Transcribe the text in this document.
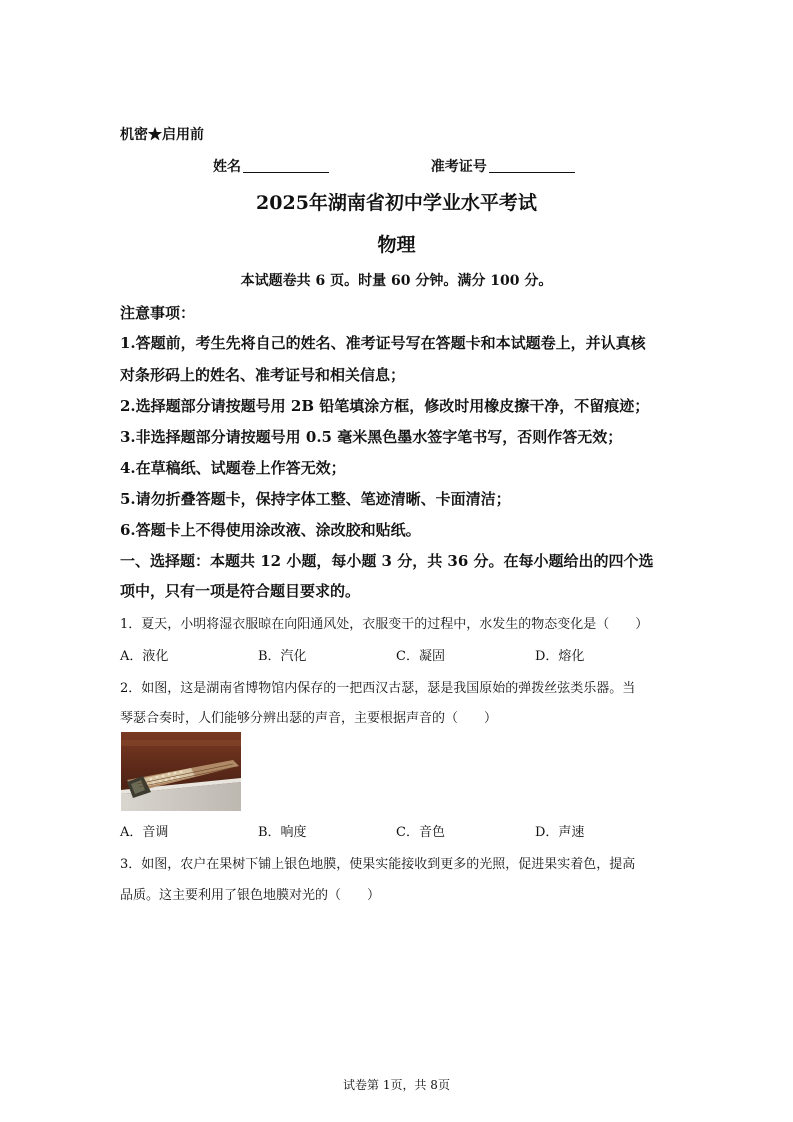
机密★启用前
姓名	准考证号
2025年湖南省初中学业水平考试
物理
本试题卷共 6 页。时量 60 分钟。满分 100 分。
注意事项：
1.答题前，考生先将自己的姓名、准考证号写在答题卡和本试题卷上，并认真核
对条形码上的姓名、准考证号和相关信息；
2.选择题部分请按题号用 2B 铅笔填涂方框，修改时用橡皮擦干净，不留痕迹；
3.非选择题部分请按题号用 0.5 毫米黑色墨水签字笔书写，否则作答无效；
4.在草稿纸、试题卷上作答无效；
5.请勿折叠答题卡，保持字体工整、笔迹清晰、卡面清洁；
6.答题卡上不得使用涂改液、涂改胶和贴纸。
一、选择题：本题共 12 小题，每小题 3 分，共 36 分。在每小题给出的四个选
项中，只有一项是符合题目要求的。
1．夏天，小明将湿衣服晾在向阳通风处，衣服变干的过程中，水发生的物态变化是（　　）
A．液化	B．汽化	C．凝固	D．熔化
2．如图，这是湖南省博物馆内保存的一把西汉古瑟，瑟是我国原始的弹拨丝弦类乐器。当
琴瑟合奏时，人们能够分辨出瑟的声音，主要根据声音的（　　）
A．音调	B．响度	C．音色	D．声速
3．如图，农户在果树下铺上银色地膜，使果实能接收到更多的光照，促进果实着色，提高
品质。这主要利用了银色地膜对光的（　　）
试卷第 1页，共 8页
